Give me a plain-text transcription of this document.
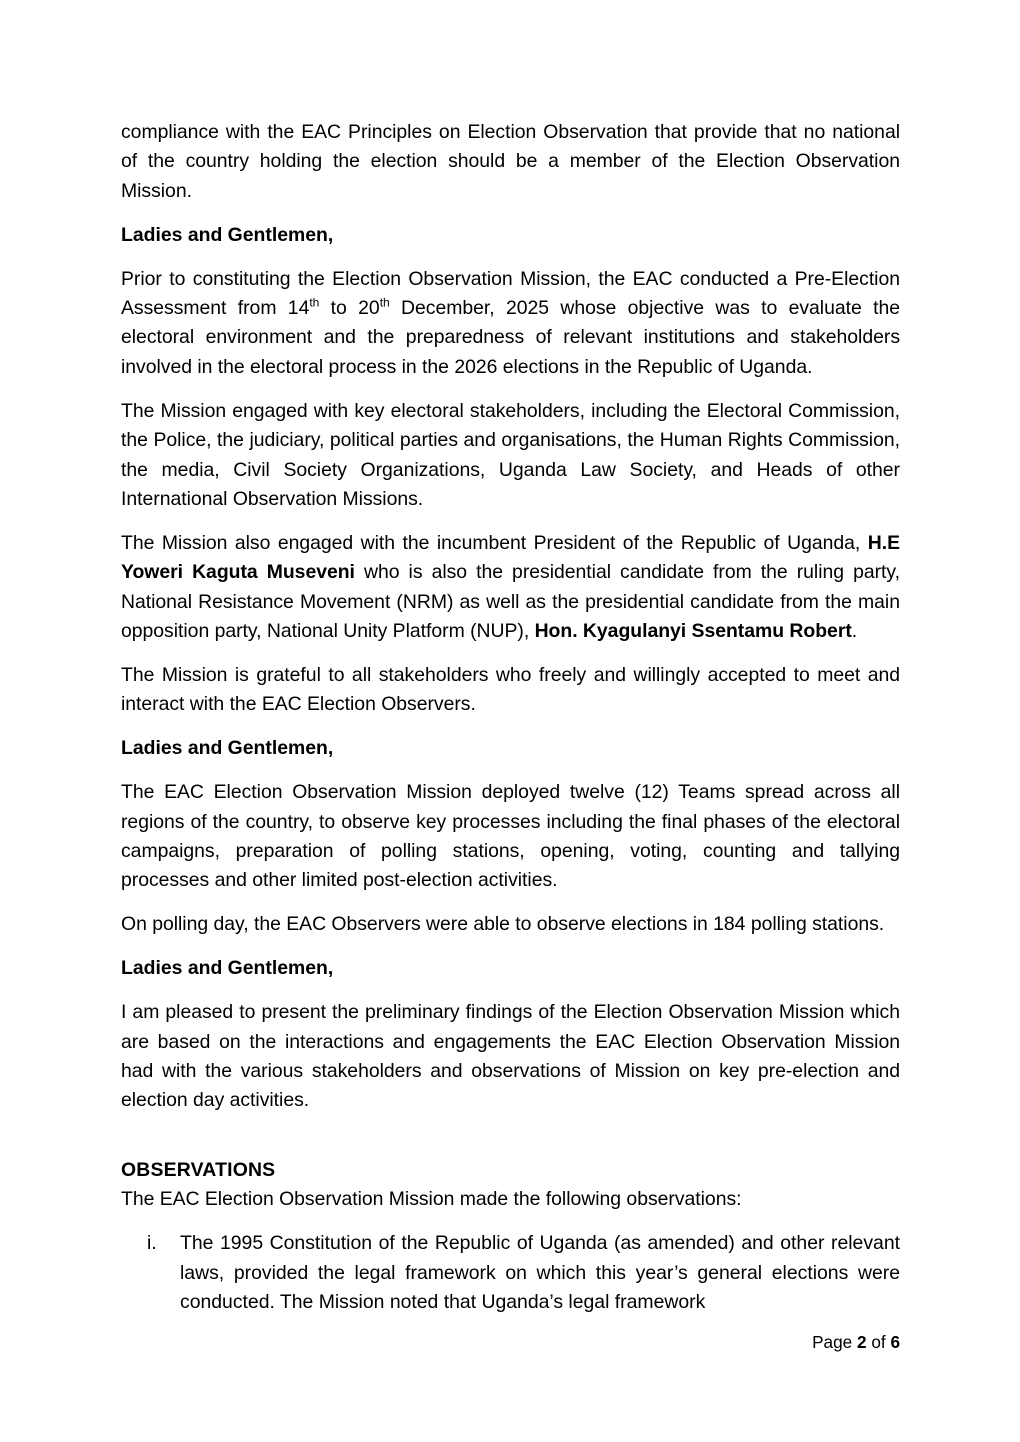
compliance with the EAC Principles on Election Observation that provide that no national of the country holding the election should be a member of the Election Observation Mission.

Ladies and Gentlemen,

Prior to constituting the Election Observation Mission, the EAC conducted a Pre-Election Assessment from 14th to 20th December, 2025 whose objective was to evaluate the electoral environment and the preparedness of relevant institutions and stakeholders involved in the electoral process in the 2026 elections in the Republic of Uganda.

The Mission engaged with key electoral stakeholders, including the Electoral Commission, the Police, the judiciary, political parties and organisations, the Human Rights Commission, the media, Civil Society Organizations, Uganda Law Society, and Heads of other International Observation Missions.

The Mission also engaged with the incumbent President of the Republic of Uganda, H.E Yoweri Kaguta Museveni who is also the presidential candidate from the ruling party, National Resistance Movement (NRM) as well as the presidential candidate from the main opposition party, National Unity Platform (NUP), Hon. Kyagulanyi Ssentamu Robert.

The Mission is grateful to all stakeholders who freely and willingly accepted to meet and interact with the EAC Election Observers.

Ladies and Gentlemen,

The EAC Election Observation Mission deployed twelve (12) Teams spread across all regions of the country, to observe key processes including the final phases of the electoral campaigns, preparation of polling stations, opening, voting, counting and tallying processes and other limited post-election activities.

On polling day, the EAC Observers were able to observe elections in 184 polling stations.

Ladies and Gentlemen,

I am pleased to present the preliminary findings of the Election Observation Mission which are based on the interactions and engagements the EAC Election Observation Mission had with the various stakeholders and observations of Mission on key pre-election and election day activities.

OBSERVATIONS

The EAC Election Observation Mission made the following observations:

i.	The 1995 Constitution of the Republic of Uganda (as amended) and other relevant laws, provided the legal framework on which this year’s general elections were conducted. The Mission noted that Uganda’s legal framework
Page 2 of 6
